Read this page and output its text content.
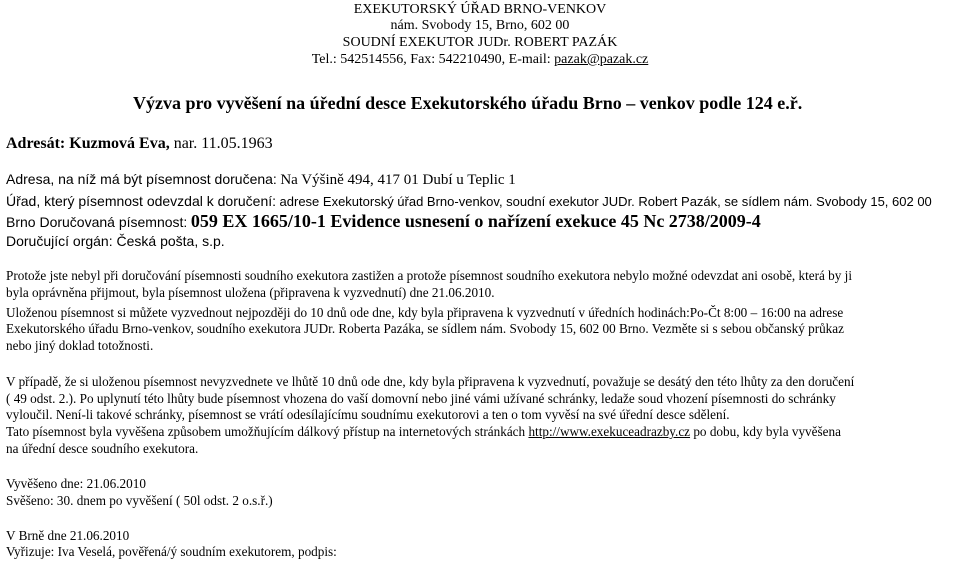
EXEKUTORSKÝ ÚŘAD BRNO-VENKOV
nám. Svobody 15, Brno, 602 00
SOUDNÍ EXEKUTOR JUDr. ROBERT PAZÁK
Tel.: 542514556, Fax: 542210490, E-mail: pazak@pazak.cz
Výzva pro vyvěšení na úřední desce Exekutorského úřadu Brno – venkov podle 124 e.ř.
Adresát: Kuzmová Eva, nar. 11.05.1963
Adresa, na níž má být písemnost doručena: Na Výšině 494, 417 01 Dubí u Teplic 1
Úřad, který písemnost odevzdal k doručení: adrese Exekutorský úřad Brno-venkov, soudní exekutor JUDr. Robert Pazák, se sídlem nám. Svobody 15, 602 00
Brno Doručovaná písemnost: 059 EX 1665/10-1 Evidence usnesení o nařízení exekuce 45 Nc 2738/2009-4
Doručující orgán: Česká pošta, s.p.
Protože jste nebyl při doručování písemnosti soudního exekutora zastižen a protože písemnost soudního exekutora nebylo možné odevzdat ani osobě, která by ji
byla oprávněna přijmout, byla písemnost uložena (připravena k vyzvednutí) dne 21.06.2010.
Uloženou písemnost si můžete vyzvednout nejpozději do 10 dnů ode dne, kdy byla připravena k vyzvednutí v úředních hodinách:Po-Čt 8:00 – 16:00 na adrese
Exekutorského úřadu Brno-venkov, soudního exekutora JUDr. Roberta Pazáka, se sídlem nám. Svobody 15, 602 00 Brno. Vezměte si s sebou občanský průkaz
nebo jiný doklad totožnosti.
V případě, že si uloženou písemnost nevyzvednete ve lhůtě 10 dnů ode dne, kdy byla připravena k vyzvednutí, považuje se desátý den této lhůty za den doručení
( 49 odst. 2.). Po uplynutí této lhůty bude písemnost vhozena do vaší domovní nebo jiné vámi užívané schránky, ledaže soud vhození písemnosti do schránky
vyloučil. Není-li takové schránky, písemnost se vrátí odesílajícímu soudnímu exekutorovi a ten o tom vyvěsí na své úřední desce sdělení.
Tato písemnost byla vyvěšena způsobem umožňujícím dálkový přístup na internetových stránkách http://www.exekuceadrazby.cz po dobu, kdy byla vyvěšena
na úřední desce soudního exekutora.
Vyvěšeno dne: 21.06.2010
Svěšeno: 30. dnem po vyvěšení ( 50l odst. 2 o.s.ř.)
V Brně dne 21.06.2010
Vyřizuje: Iva Veselá, pověřená/ý soudním exekutorem, podpis:
